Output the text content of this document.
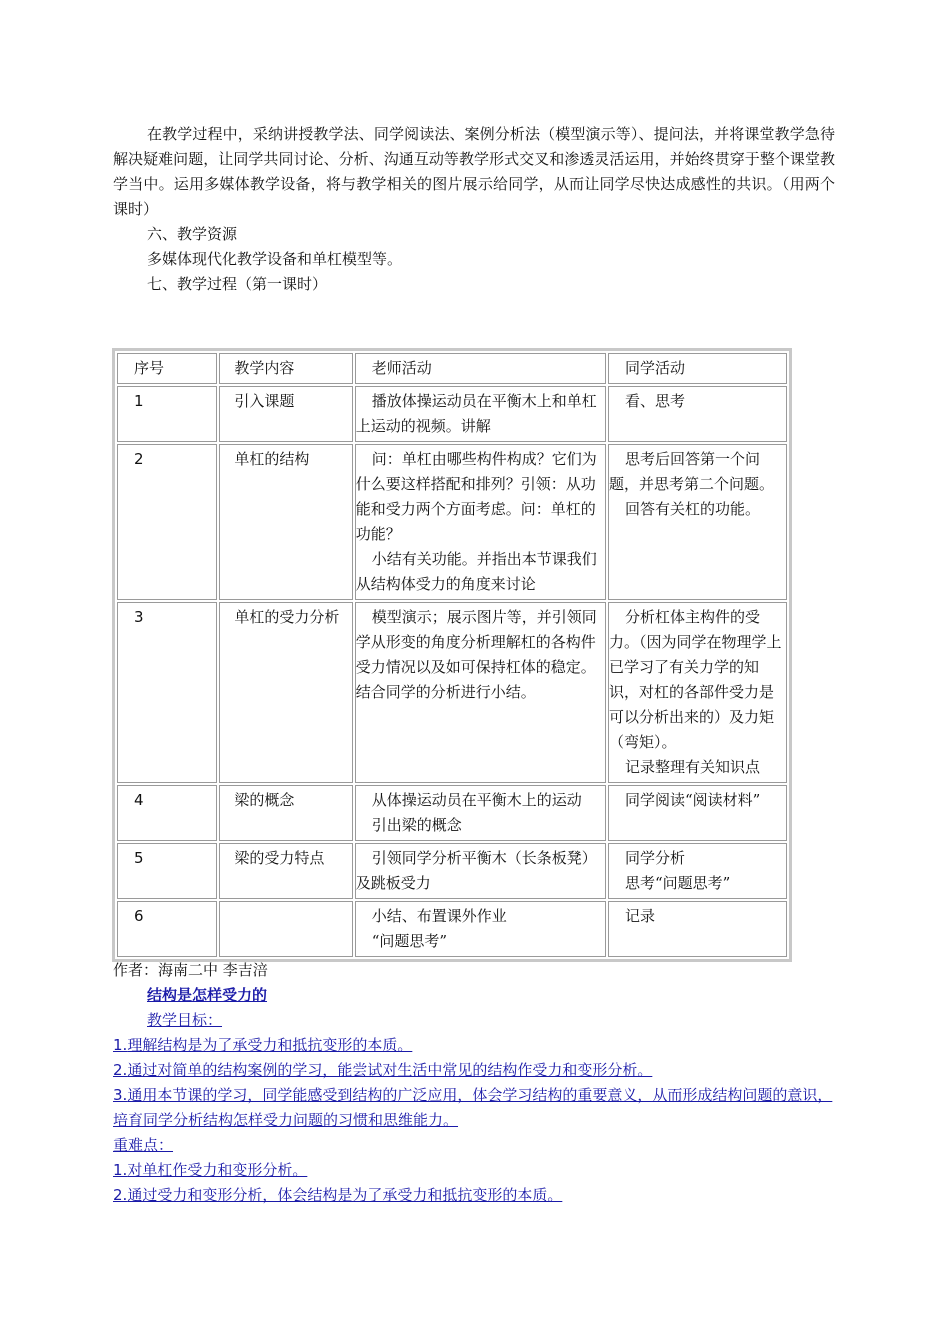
在教学过程中，采纳讲授教学法、同学阅读法、案例分析法（模型演示等）、提问法，并将课堂教学急待解决疑难问题，让同学共同讨论、分析、沟通互动等教学形式交叉和渗透灵活运用，并始终贯穿于整个课堂教学当中。运用多媒体教学设备，将与教学相关的图片展示给同学，从而让同学尽快达成感性的共识。（用两个课时）

六、教学资源

多媒体现代化教学设备和单杠模型等。

七、教学过程（第一课时）

序号	教学内容	老师活动	同学活动

1	引入课题	播放体操运动员在平衡木上和单杠上运动的视频。讲解	看、思考

2	单杠的结构	问：单杠由哪些构件构成？它们为什么要这样搭配和排列？引领：从功能和受力两个方面考虑。问：单杠的功能？
小结有关功能。并指出本节课我们从结构体受力的角度来讨论	思考后回答第一个问题，并思考第二个问题。
回答有关杠的功能。

3	单杠的受力分析	模型演示；展示图片等，并引领同学从形变的角度分析理解杠的各构件受力情况以及如可保持杠体的稳定。结合同学的分析进行小结。	分析杠体主构件的受力。（因为同学在物理学上已学习了有关力学的知识，对杠的各部件受力是可以分析出来的）及力矩（弯矩）。
记录整理有关知识点

4	梁的概念	从体操运动员在平衡木上的运动
引出梁的概念	同学阅读“阅读材料”

5	梁的受力特点	引领同学分析平衡木（长条板凳）及跳板受力	同学分析
思考“问题思考”

6		小结、布置课外作业
“问题思考”	记录
作者：海南二中 李吉涪
结构是怎样受力的
教学目标：
1.理解结构是为了承受力和抵抗变形的本质。
2.通过对简单的结构案例的学习，能尝试对生活中常见的结构作受力和变形分析。
3.通用本节课的学习，同学能感受到结构的广泛应用，体会学习结构的重要意义，从而形成结构问题的意识，培育同学分析结构怎样受力问题的习惯和思维能力。
重难点：
1.对单杠作受力和变形分析。
2.通过受力和变形分析，体会结构是为了承受力和抵抗变形的本质。
